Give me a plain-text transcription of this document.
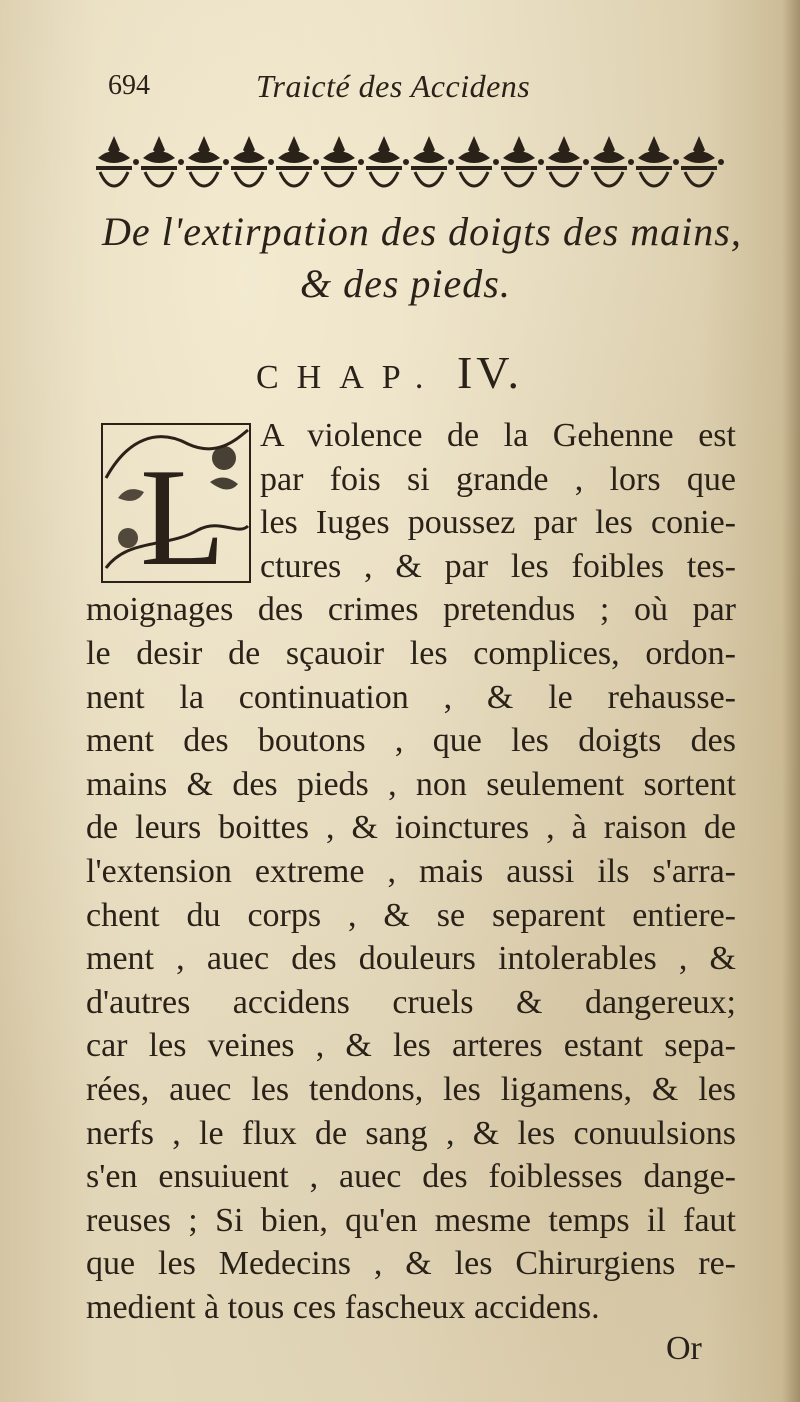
694	Traicté des Accidens
De l'extirpation des doigts des mains,
& des pieds.
CHAP. IV.
L
A violence de la Gehenne est
par fois si grande , lors que
les Iuges poussez par les conie-
ctures , & par les foibles tes-
moignages des crimes pretendus ; où par
le desir de sçauoir les complices, ordon-
nent la continuation , & le rehausse-
ment des boutons , que les doigts des
mains & des pieds , non seulement sortent
de leurs boittes , & ioinctures , à raison de
l'extension extreme , mais aussi ils s'arra-
chent du corps , & se separent entiere-
ment , auec des douleurs intolerables , &
d'autres accidens cruels & dangereux;
car les veines , & les arteres estant sepa-
rées, auec les tendons, les ligamens, & les
nerfs , le flux de sang , & les conuulsions
s'en ensuiuent , auec des foiblesses dange-
reuses ; Si bien, qu'en mesme temps il faut
que les Medecins , & les Chirurgiens re-
medient à tous ces fascheux accidens.
Or
